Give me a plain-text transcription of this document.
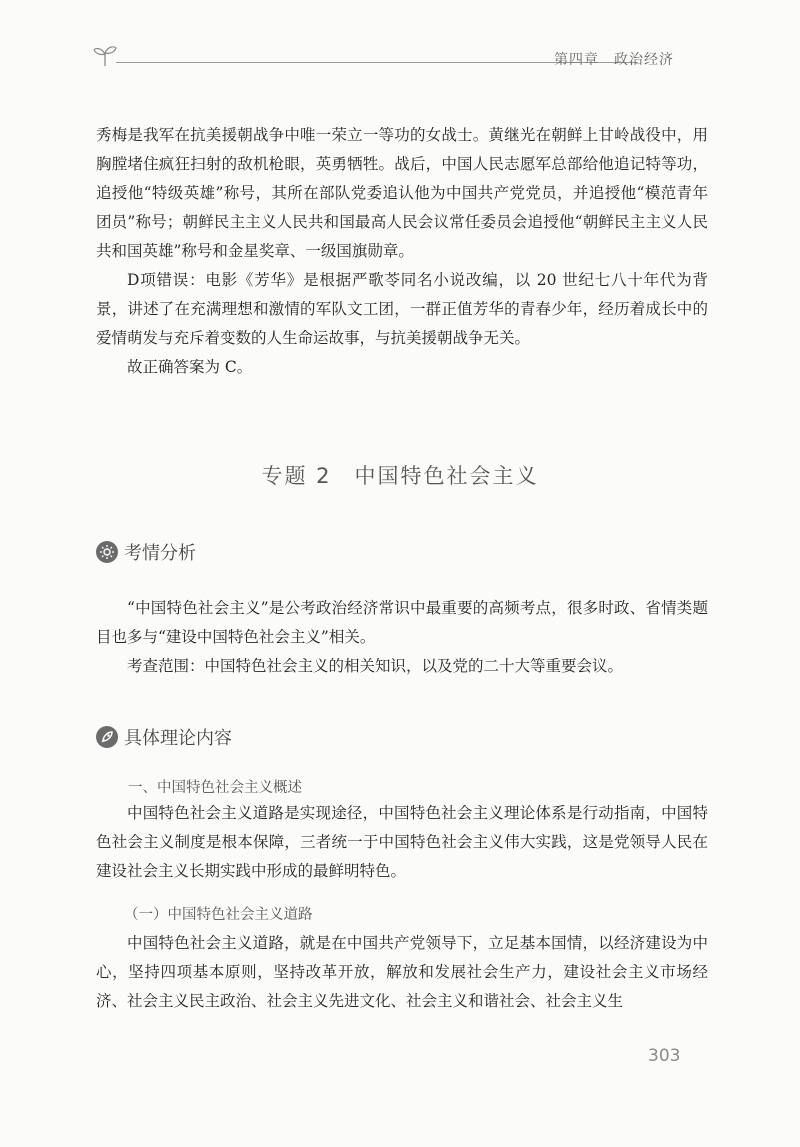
第四章　政治经济

秀梅是我军在抗美援朝战争中唯一荣立一等功的女战士。黄继光在朝鲜上甘岭战役中，用胸膛堵住疯狂扫射的敌机枪眼，英勇牺牲。战后，中国人民志愿军总部给他追记特等功，追授他“特级英雄”称号，其所在部队党委追认他为中国共产党党员，并追授他“模范青年团员”称号；朝鲜民主主义人民共和国最高人民会议常任委员会追授他“朝鲜民主主义人民共和国英雄”称号和金星奖章、一级国旗勋章。

D项错误：电影《芳华》是根据严歌苓同名小说改编，以 20 世纪七八十年代为背景，讲述了在充满理想和激情的军队文工团，一群正值芳华的青春少年，经历着成长中的爱情萌发与充斥着变数的人生命运故事，与抗美援朝战争无关。

故正确答案为 C。

专题 2　中国特色社会主义
考情分析

“中国特色社会主义”是公考政治经济常识中最重要的高频考点，很多时政、省情类题目也多与“建设中国特色社会主义”相关。

考查范围：中国特色社会主义的相关知识，以及党的二十大等重要会议。

具体理论内容
一、中国特色社会主义概述

中国特色社会主义道路是实现途径，中国特色社会主义理论体系是行动指南，中国特色社会主义制度是根本保障，三者统一于中国特色社会主义伟大实践，这是党领导人民在建设社会主义长期实践中形成的最鲜明特色。

（一）中国特色社会主义道路

中国特色社会主义道路，就是在中国共产党领导下，立足基本国情，以经济建设为中心，坚持四项基本原则，坚持改革开放，解放和发展社会生产力，建设社会主义市场经济、社会主义民主政治、社会主义先进文化、社会主义和谐社会、社会主义生

303
